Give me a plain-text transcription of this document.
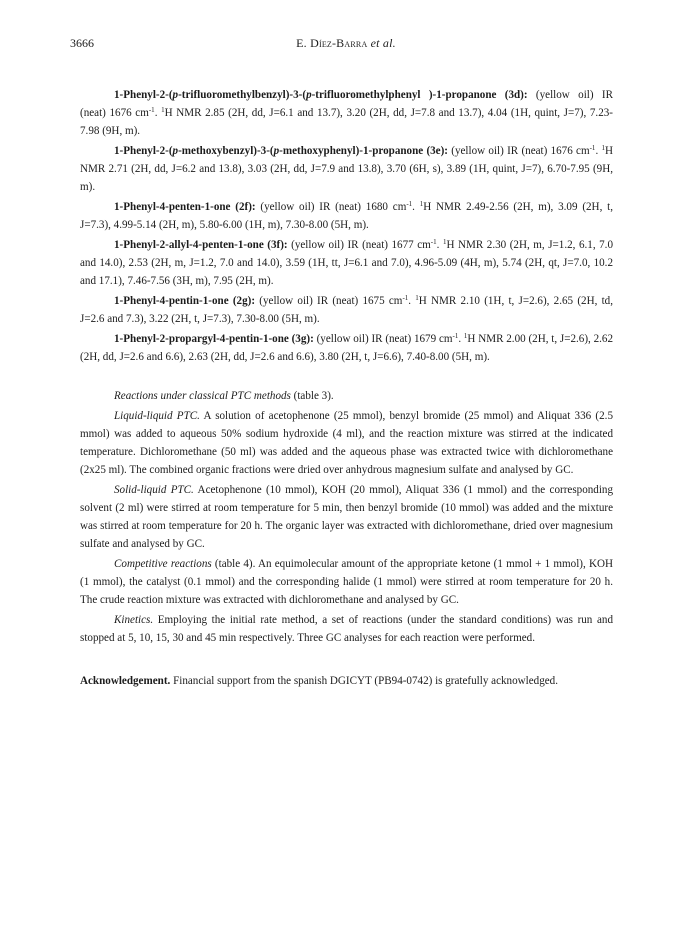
3666	E. Díez-Barra et al.

1-Phenyl-2-(p-trifluoromethylbenzyl)-3-(p-trifluoromethylphenyl )-1-propanone (3d): (yellow oil) IR (neat) 1676 $cm^{-1}$. $^1$H NMR 2.85 (2H, dd, J=6.1 and 13.7), 3.20 (2H, dd, J=7.8 and 13.7), 4.04 (1H, quint, J=7), 7.23-7.98 (9H, m).

1-Phenyl-2-(p-methoxybenzyl)-3-(p-methoxyphenyl)-1-propanone (3e): (yellow oil) IR (neat) 1676 $cm^{-1}$. $^1$H NMR 2.71 (2H, dd, J=6.2 and 13.8), 3.03 (2H, dd, J=7.9 and 13.8), 3.70 (6H, s), 3.89 (1H, quint, J=7), 6.70-7.95 (9H, m).

1-Phenyl-4-penten-1-one (2f): (yellow oil) IR (neat) 1680 $cm^{-1}$. $^1$H NMR 2.49-2.56 (2H, m), 3.09 (2H, t, J=7.3), 4.99-5.14 (2H, m), 5.80-6.00 (1H, m), 7.30-8.00 (5H, m).

1-Phenyl-2-allyl-4-penten-1-one (3f): (yellow oil) IR (neat) 1677 $cm^{-1}$. $^1$H NMR 2.30 (2H, m, J=1.2, 6.1, 7.0 and 14.0), 2.53 (2H, m, J=1.2, 7.0 and 14.0), 3.59 (1H, tt, J=6.1 and 7.0), 4.96-5.09 (4H, m), 5.74 (2H, qt, J=7.0, 10.2 and 17.1), 7.46-7.56 (3H, m), 7.95 (2H, m).

1-Phenyl-4-pentin-1-one (2g): (yellow oil) IR (neat) 1675 $cm^{-1}$. $^1$H NMR 2.10 (1H, t, J=2.6), 2.65 (2H, td, J=2.6 and 7.3), 3.22 (2H, t, J=7.3), 7.30-8.00 (5H, m).

1-Phenyl-2-propargyl-4-pentin-1-one (3g): (yellow oil) IR (neat) 1679 $cm^{-1}$. $^1$H NMR 2.00 (2H, t, J=2.6), 2.62 (2H, dd, J=2.6 and 6.6), 2.63 (2H, dd, J=2.6 and 6.6), 3.80 (2H, t, J=6.6), 7.40-8.00 (5H, m).

Reactions under classical PTC methods (table 3).

Liquid-liquid PTC. A solution of acetophenone (25 mmol), benzyl bromide (25 mmol) and Aliquat 336 (2.5 mmol) was added to aqueous 50% sodium hydroxide (4 ml), and the reaction mixture was stirred at the indicated temperature. Dichloromethane (50 ml) was added and the aqueous phase was extracted twice with dichloromethane (2x25 ml). The combined organic fractions were dried over anhydrous magnesium sulfate and analysed by GC.

Solid-liquid PTC. Acetophenone (10 mmol), KOH (20 mmol), Aliquat 336 (1 mmol) and the corresponding solvent (2 ml) were stirred at room temperature for 5 min, then benzyl bromide (10 mmol) was added and the mixture was stirred at room temperature for 20 h. The organic layer was extracted with dichloromethane, dried over magnesium sulfate and analysed by GC.

Competitive reactions (table 4). An equimolecular amount of the appropriate ketone (1 mmol + 1 mmol), KOH (1 mmol), the catalyst (0.1 mmol) and the corresponding halide (1 mmol) were stirred at room temperature for 20 h. The crude reaction mixture was extracted with dichloromethane and analysed by GC.

Kinetics. Employing the initial rate method, a set of reactions (under the standard conditions) was run and stopped at 5, 10, 15, 30 and 45 min respectively. Three GC analyses for each reaction were performed.

Acknowledgement. Financial support from the spanish DGICYT (PB94-0742) is gratefully acknowledged.
